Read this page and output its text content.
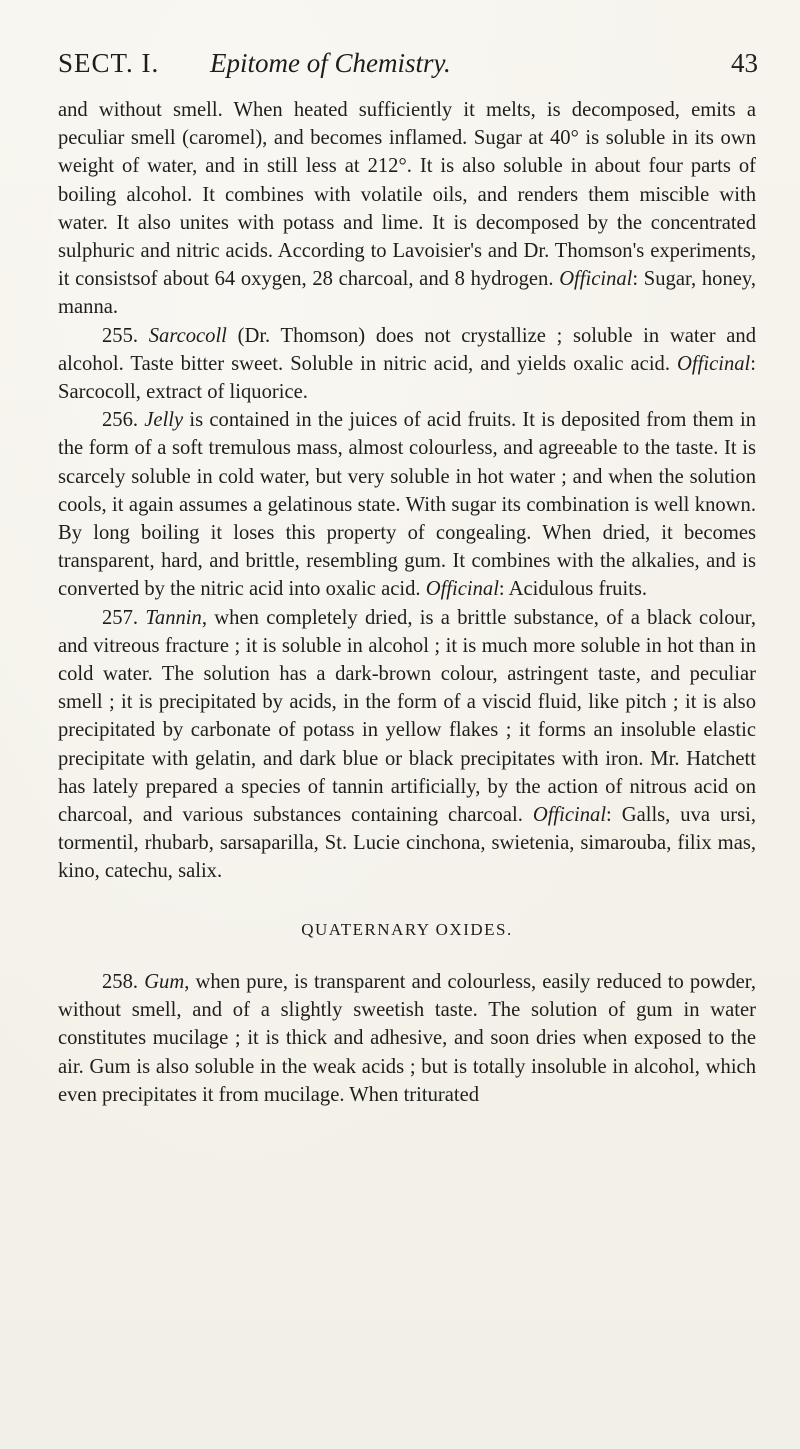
SECT. I. Epitome of Chemistry.	43

and without smell. When heated sufficiently it melts, is decomposed, emits a peculiar smell (caromel), and becomes inflamed. Sugar at 40° is soluble in its own weight of water, and in still less at 212°. It is also soluble in about four parts of boiling alcohol. It combines with volatile oils, and renders them miscible with water. It also unites with potass and lime. It is decomposed by the concentrated sulphuric and nitric acids. According to Lavoisier's and Dr. Thomson's experiments, it consistsof about 64 oxygen, 28 charcoal, and 8 hydrogen. Officinal: Sugar, honey, manna.

255. Sarcocoll (Dr. Thomson) does not crystallize ; soluble in water and alcohol. Taste bitter sweet. Soluble in nitric acid, and yields oxalic acid. Officinal: Sarcocoll, extract of liquorice.

256. Jelly is contained in the juices of acid fruits. It is deposited from them in the form of a soft tremulous mass, almost colourless, and agreeable to the taste. It is scarcely soluble in cold water, but very soluble in hot water ; and when the solution cools, it again assumes a gelatinous state. With sugar its combination is well known. By long boiling it loses this property of congealing. When dried, it becomes transparent, hard, and brittle, resembling gum. It combines with the alkalies, and is converted by the nitric acid into oxalic acid. Officinal: Acidulous fruits.

257. Tannin, when completely dried, is a brittle substance, of a black colour, and vitreous fracture ; it is soluble in alcohol ; it is much more soluble in hot than in cold water. The solution has a dark-brown colour, astringent taste, and peculiar smell ; it is precipitated by acids, in the form of a viscid fluid, like pitch ; it is also precipitated by carbonate of potass in yellow flakes ; it forms an insoluble elastic precipitate with gelatin, and dark blue or black precipitates with iron. Mr. Hatchett has lately prepared a species of tannin artificially, by the action of nitrous acid on charcoal, and various substances containing charcoal. Officinal: Galls, uva ursi, tormentil, rhubarb, sarsaparilla, St. Lucie cinchona, swietenia, simarouba, filix mas, kino, catechu, salix.

QUATERNARY OXIDES.

258. Gum, when pure, is transparent and colourless, easily reduced to powder, without smell, and of a slightly sweetish taste. The solution of gum in water constitutes mucilage ; it is thick and adhesive, and soon dries when exposed to the air. Gum is also soluble in the weak acids ; but is totally insoluble in alcohol, which even precipitates it from mucilage. When triturated
